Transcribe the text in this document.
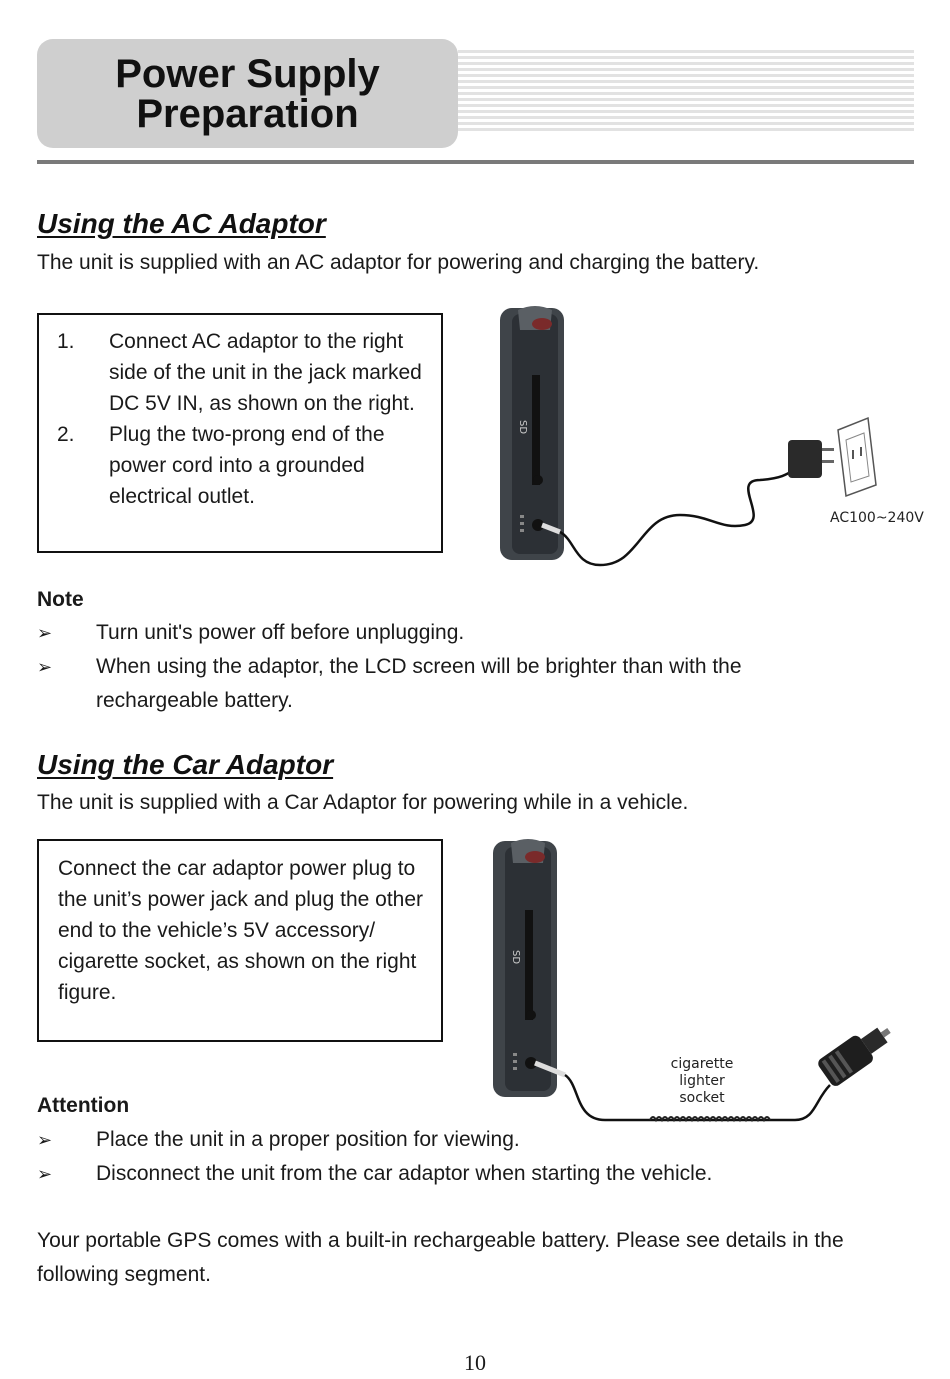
Power Supply
Preparation
Using the AC Adaptor
The unit is supplied with an AC adaptor for powering and charging the battery.
1.	Connect AC adaptor to the right side of the unit in the jack marked DC 5V IN, as shown on the right.
2.	Plug the two-prong end of the power cord into a grounded electrical outlet.
SD
AC100~240V
Note
➢	Turn unit's power off before unplugging.
➢	When using the adaptor, the LCD screen will be brighter than with the rechargeable battery.
Using the Car Adaptor
The unit is supplied with a Car Adaptor for powering while in a vehicle.
Connect the car adaptor power plug to the unit’s power jack and plug the other end to the vehicle’s 5V accessory/ cigarette socket, as shown on the right figure.
SD
cigarette
lighter
socket
Attention
➢	Place the unit in a proper position for viewing.
➢	Disconnect the unit from the car adaptor when starting the vehicle.
Your portable GPS comes with a built-in rechargeable battery. Please see details in the following segment.
10
